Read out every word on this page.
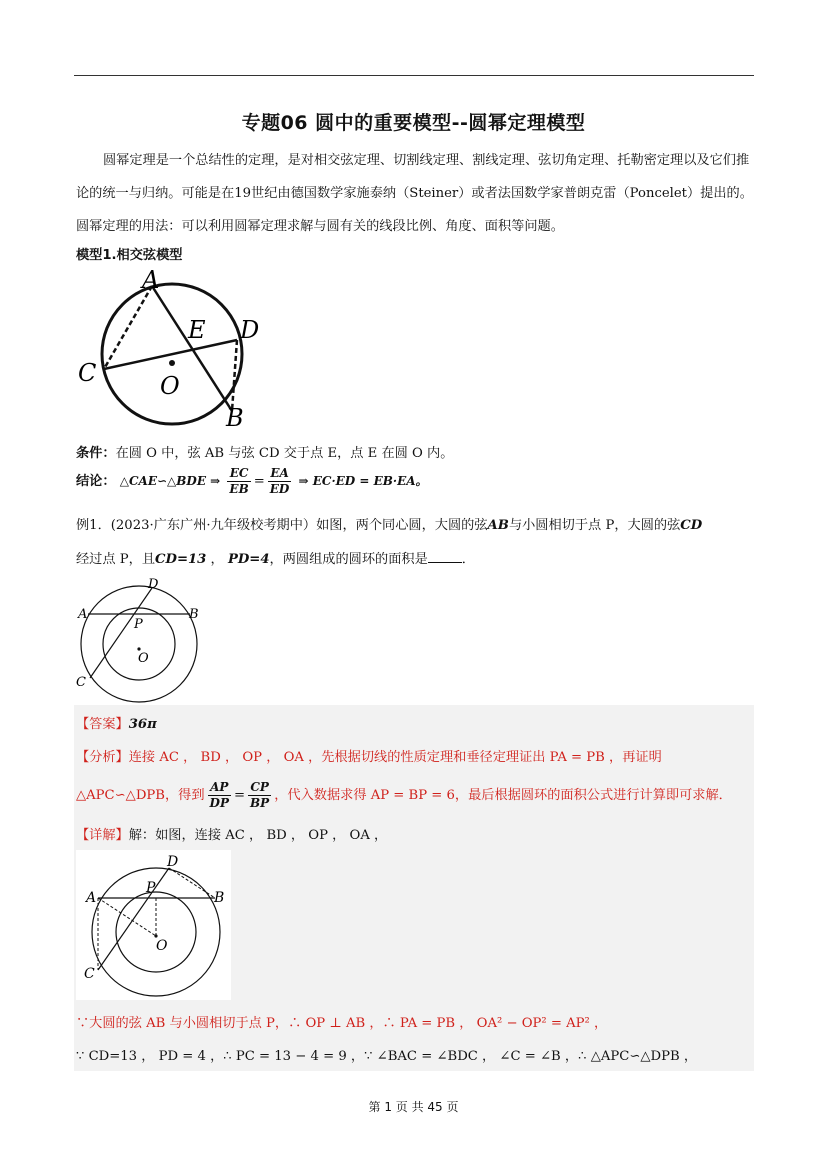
专题06 圆中的重要模型--圆幂定理模型
圆幂定理是一个总结性的定理，是对相交弦定理、切割线定理、割线定理、弦切角定理、托勒密定理以及它们推论的统一与归纳。可能是在19世纪由德国数学家施泰纳（Steiner）或者法国数学家普朗克雷（Poncelet）提出的。圆幂定理的用法：可以利用圆幂定理求解与圆有关的线段比例、角度、面积等问题。
模型1.相交弦模型
A
B
C
D
E
O
条件：在圆 O 中，弦 AB 与弦 CD 交于点 E，点 E 在圆 O 内。
结论： △CAE∽△BDE ⇒ $\frac{EC}{EB} = \frac{EA}{ED}$ ⇒ EC·ED = EB·EA。
例1．(2023·广东广州·九年级校考期中）如图，两个同心圆，大圆的弦AB与小圆相切于点 P，大圆的弦CD
经过点 P，且CD=13 ， PD=4，两圆组成的圆环的面积是	．
A	B
C
D
P
O
【答案】36π
【分析】连接 AC ， BD ， OP ， OA ，先根据切线的性质定理和垂径定理证出 PA = PB ，再证明
△APC∽△DPB，得到 $\frac{AP}{DP} = \frac{CP}{BP}$ ，代入数据求得 AP = BP = 6，最后根据圆环的面积公式进行计算即可求解．
【详解】解：如图，连接 AC ， BD ， OP ， OA ，
A	B
C
D
P
O
∵大圆的弦 AB 与小圆相切于点 P，∴ OP ⊥ AB ，∴ PA = PB ， OA² − OP² = AP² ，
∵ CD=13 ， PD = 4 ，∴ PC = 13 − 4 = 9 ，∵ ∠BAC = ∠BDC ， ∠C = ∠B ，∴ △APC∽△DPB ，
第 1 页 共 45 页
